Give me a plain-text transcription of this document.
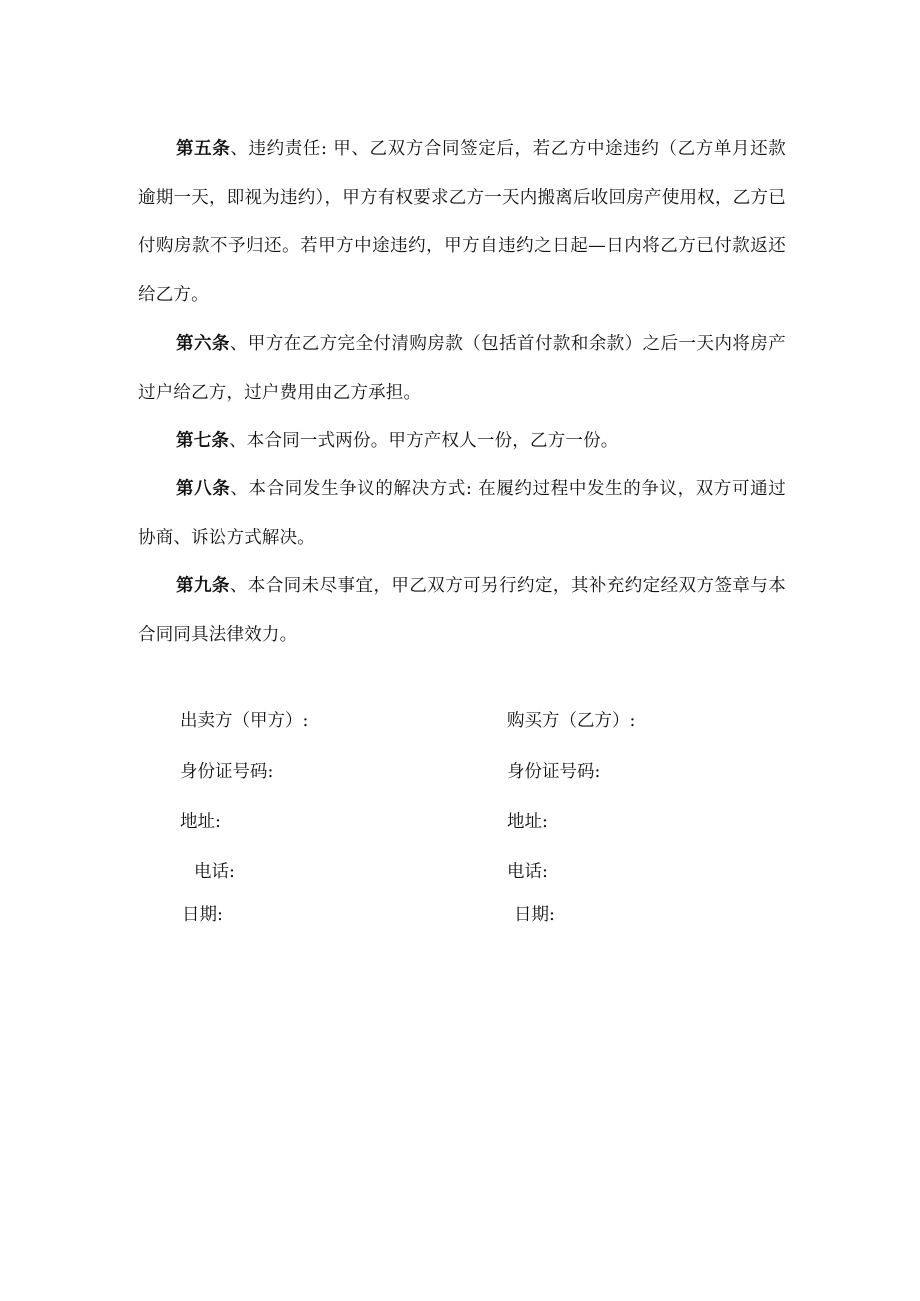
第五条、违约责任: 甲、乙双方合同签定后，若乙方中途违约（乙方单月还款逾期一天，即视为违约），甲方有权要求乙方一天内搬离后收回房产使用权，乙方已付购房款不予归还。若甲方中途违约，甲方自违约之日起—日内将乙方已付款返还给乙方。

第六条、甲方在乙方完全付清购房款（包括首付款和余款）之后一天内将房产过户给乙方，过户费用由乙方承担。

第七条、本合同一式两份。甲方产权人一份，乙方一份。

第八条、本合同发生争议的解决方式: 在履约过程中发生的争议，双方可通过协商、诉讼方式解决。

第九条、本合同未尽事宜，甲乙双方可另行约定，其补充约定经双方签章与本合同同具法律效力。

出卖方（甲方）:	购买方（乙方）:

身份证号码:	身份证号码:

地址:	地址:

电话:	电话:

日期:	日期:
